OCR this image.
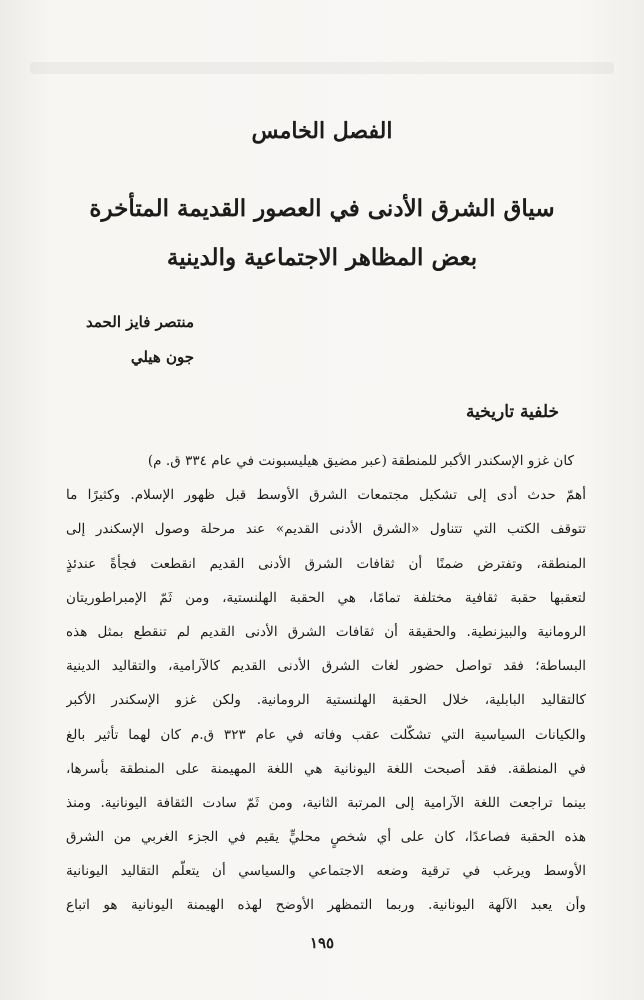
الفصل الخامس
سياق الشرق الأدنى في العصور القديمة المتأخرة
بعض المظاهر الاجتماعية والدينية
منتصر فايز الحمد
جون هيلي
خلفية تاريخية
كان غزو الإسكندر الأكبر للمنطقة (عبر مضيق هيليسبونت في عام ٣٣٤ ق. م)
أهمّ حدث أدى إلى تشكيل مجتمعات الشرق الأوسط قبل ظهور الإسلام. وكثيرًا ما
تتوقف الكتب التي تتناول «الشرق الأدنى القديم» عند مرحلة وصول الإسكندر إلى
المنطقة، وتفترض ضمنًا أن ثقافات الشرق الأدنى القديم انقطعت فجأةً عندئذٍ
لتعقبها حقبة ثقافية مختلفة تمامًا، هي الحقبة الهلنستية، ومن ثَمّ الإمبراطوريتان
الرومانية والبيزنطية. والحقيقة أن ثقافات الشرق الأدنى القديم لم تنقطع بمثل هذه
البساطة؛ فقد تواصل حضور لغات الشرق الأدنى القديم كالآرامية، والتقاليد الدينية
كالتقاليد البابلية، خلال الحقبة الهلنستية الرومانية. ولكن غزو الإسكندر الأكبر
والكيانات السياسية التي تشكّلت عقب وفاته في عام ٣٢٣ ق.م كان لهما تأثير بالغ
في المنطقة. فقد أصبحت اللغة اليونانية هي اللغة المهيمنة على المنطقة بأسرها،
بينما تراجعت اللغة الآرامية إلى المرتبة الثانية، ومن ثَمّ سادت الثقافة اليونانية. ومنذ
هذه الحقبة فصاعدًا، كان على أي شخصٍ محليٍّ يقيم في الجزء الغربي من الشرق
الأوسط ويرغب في ترقية وضعه الاجتماعي والسياسي أن يتعلّم التقاليد اليونانية
وأن يعبد الآلهة اليونانية. وربما التمظهر الأوضح لهذه الهيمنة اليونانية هو اتباع
١٩٥
